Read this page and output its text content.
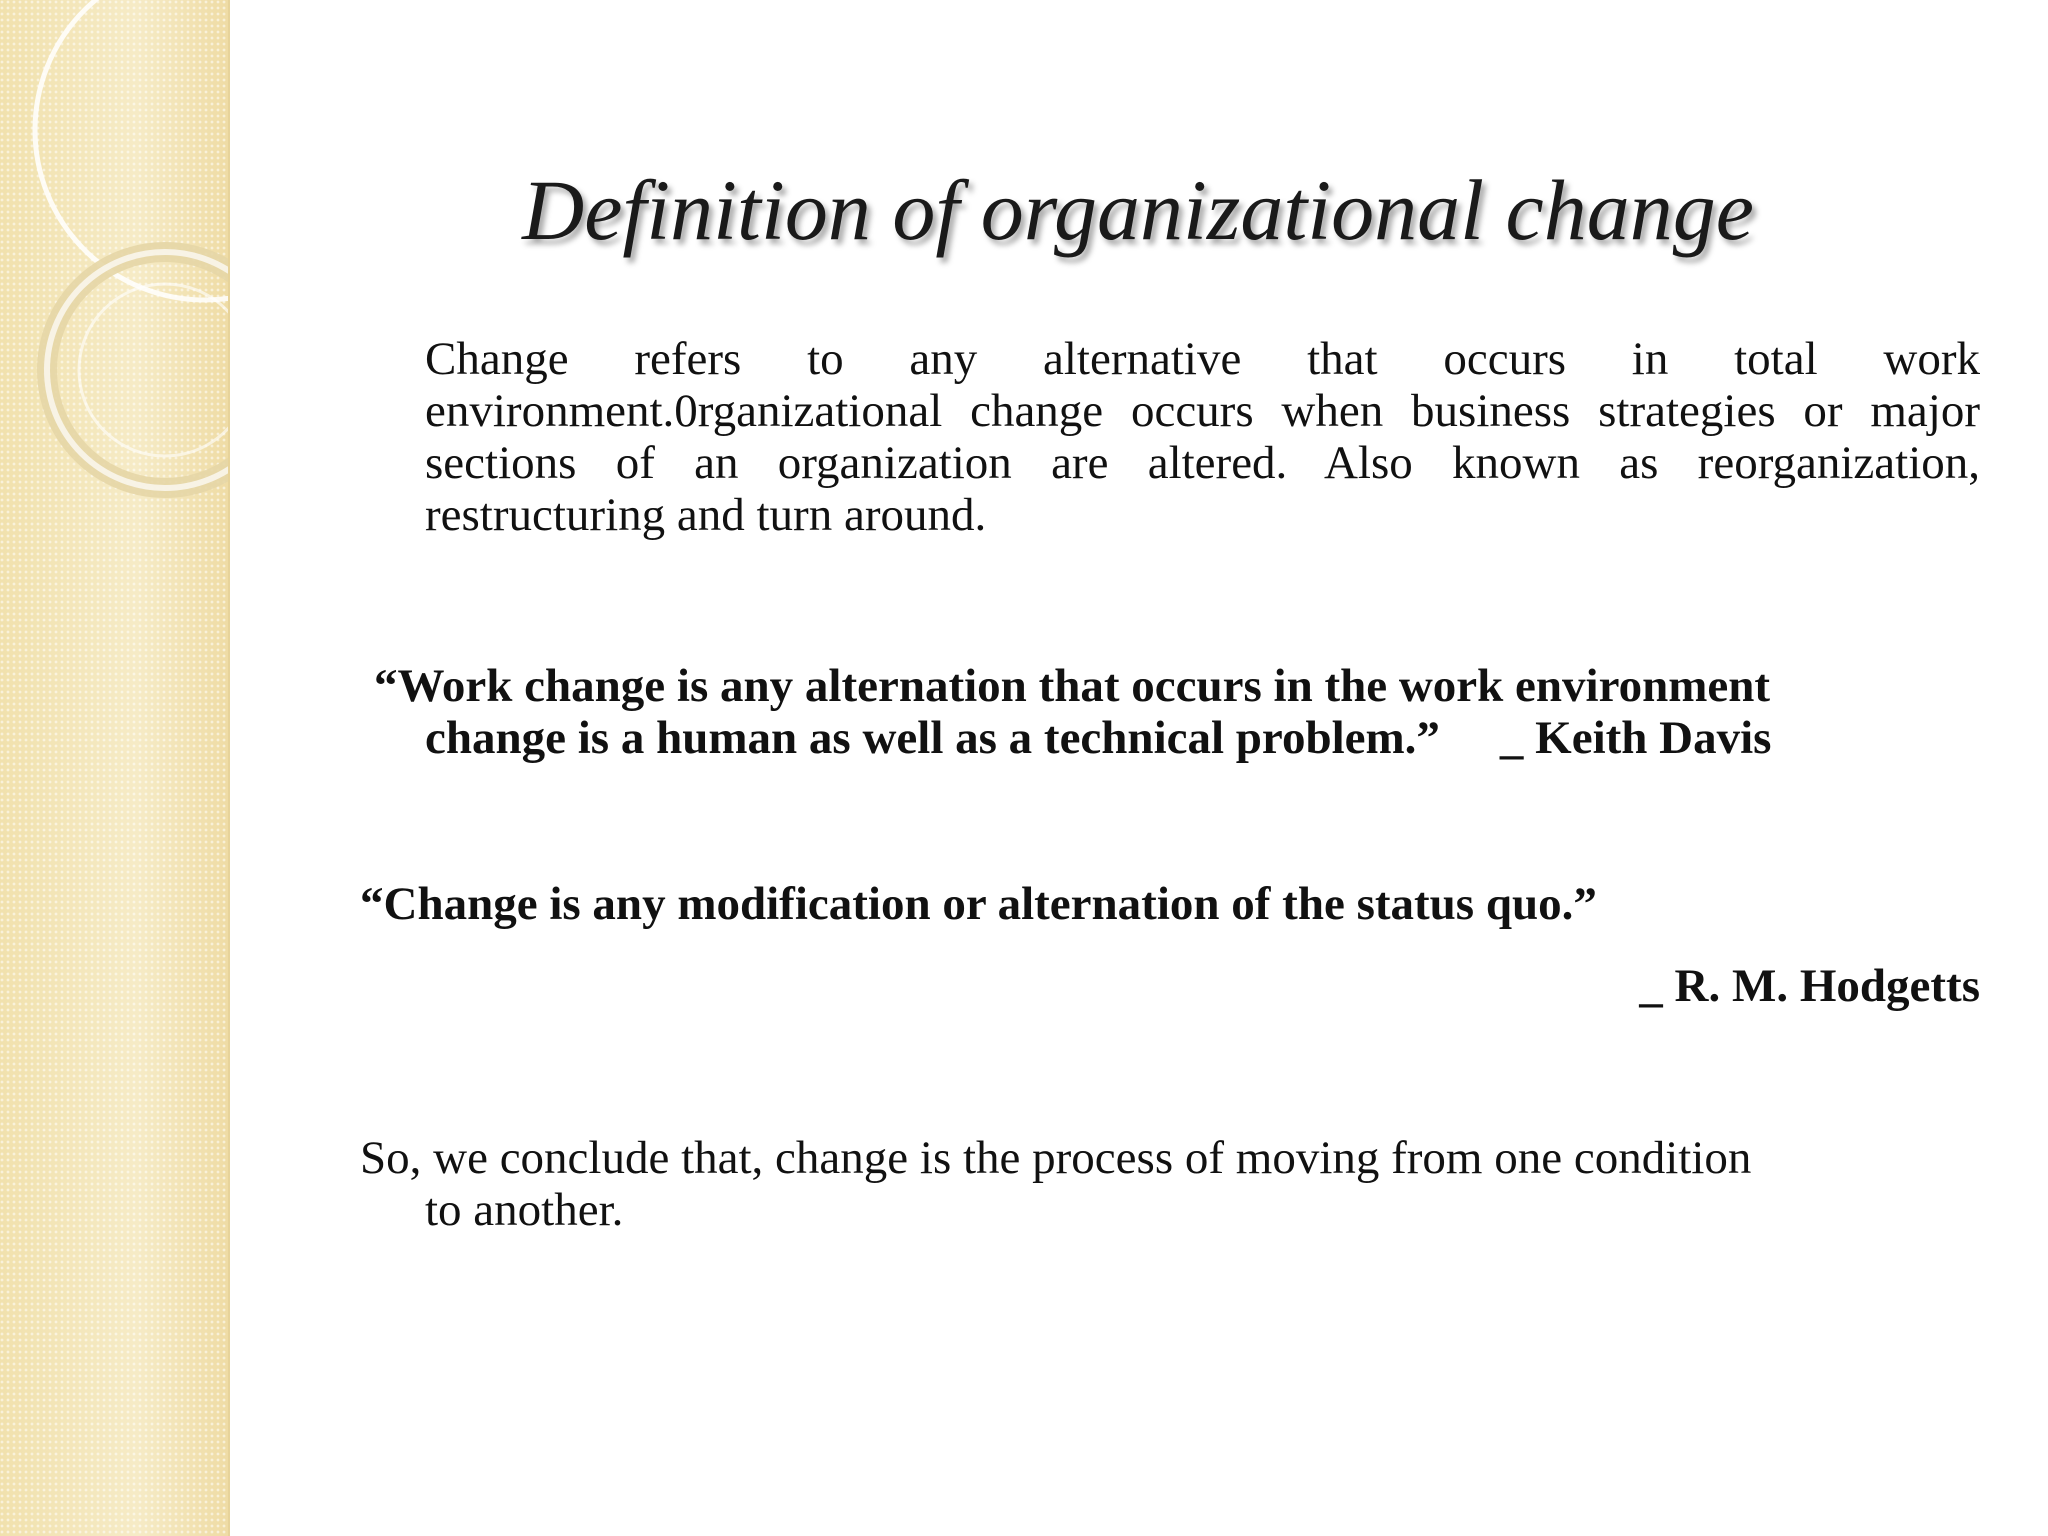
Definition of organizational change
Change refers to any alternative that occurs in total work environment.0rganizational change occurs when business strategies or major sections of an organization are altered. Also known as reorganization, restructuring and turn around.
“Work change is any alternation that occurs in the work environment
change is a human as well as a technical problem.” _ Keith Davis
“Change is any modification or alternation of the status quo.”
_ R. M. Hodgetts
So, we conclude that, change is the process of moving from one condition
to another.
